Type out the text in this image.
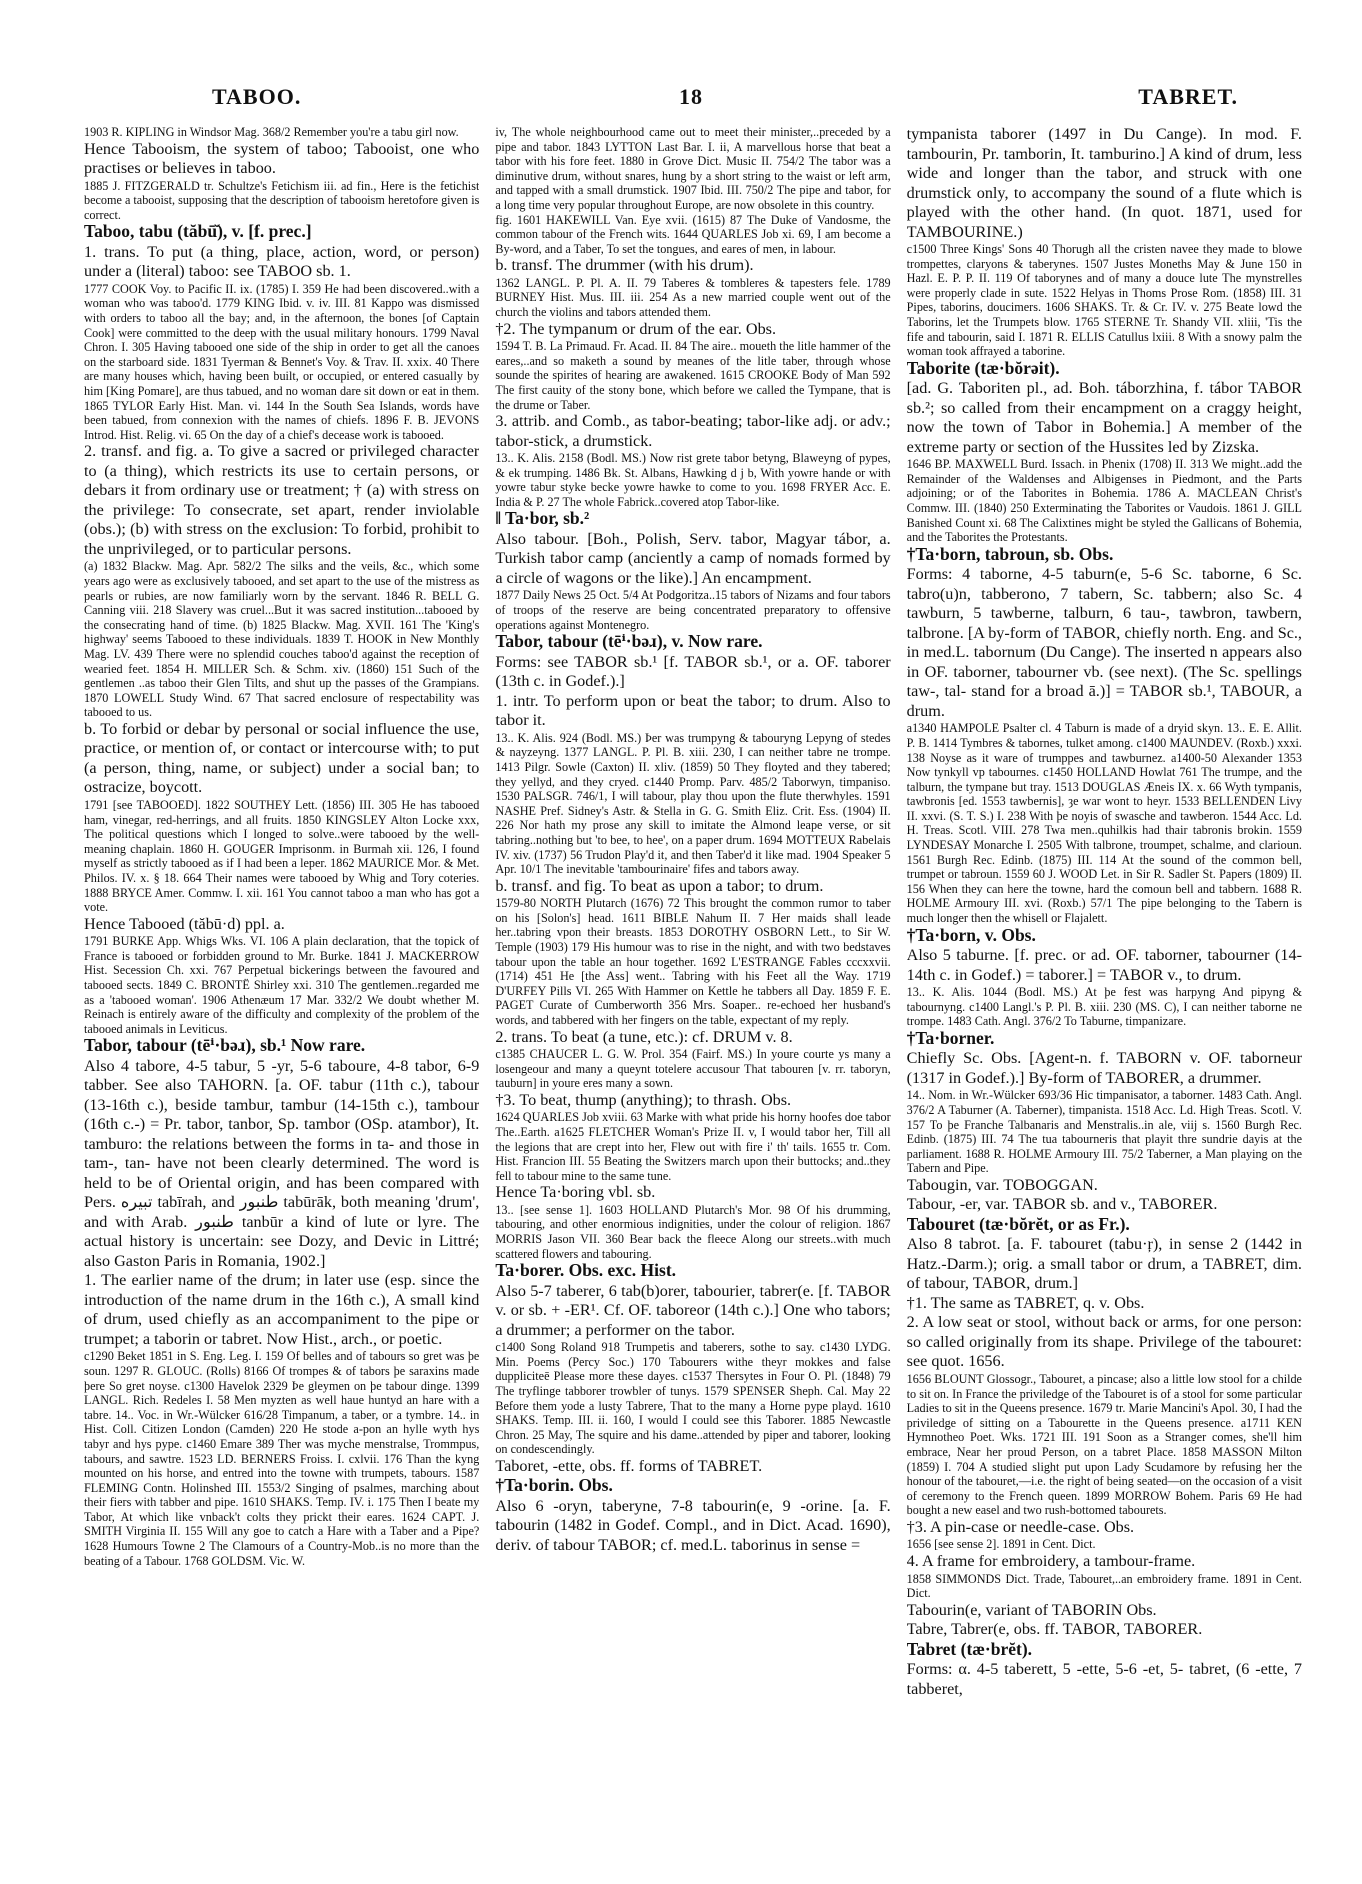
TABOO.	18	TABRET.

1903 R. KIPLING in Windsor Mag. 368/2 Remember you're a tabu girl now.

Hence Tabooism, the system of taboo; Tabooist, one who practises or believes in taboo.

1885 J. FITZGERALD tr. Schultze's Fetichism iii. ad fin., Here is the fetichist become a tabooist, supposing that the description of tabooism heretofore given is correct.

Taboo, tabu (tăbū̆), v. [f. prec.]

1. trans. To put (a thing, place, action, word, or person) under a (literal) taboo: see TABOO sb. 1.

1777 COOK Voy. to Pacific II. ix. (1785) I. 359 He had been discovered..with a woman who was taboo'd. 1779 KING Ibid. v. iv. III. 81 Kappo was dismissed with orders to taboo all the bay; and, in the afternoon, the bones [of Captain Cook] were committed to the deep with the usual military honours. 1799 Naval Chron. I. 305 Having tabooed one side of the ship in order to get all the canoes on the starboard side. 1831 Tyerman & Bennet's Voy. & Trav. II. xxix. 40 There are many houses which, having been built, or occupied, or entered casually by him [King Pomare], are thus tabued, and no woman dare sit down or eat in them. 1865 TYLOR Early Hist. Man. vi. 144 In the South Sea Islands, words have been tabued, from connexion with the names of chiefs. 1896 F. B. JEVONS Introd. Hist. Relig. vi. 65 On the day of a chief's decease work is tabooed.

2. transf. and fig. a. To give a sacred or privileged character to (a thing), which restricts its use to certain persons, or debars it from ordinary use or treatment; † (a) with stress on the privilege: To consecrate, set apart, render inviolable (obs.); (b) with stress on the exclusion: To forbid, prohibit to the unprivileged, or to particular persons.

(a) 1832 Blackw. Mag. Apr. 582/2 The silks and the veils, &c., which some years ago were as exclusively tabooed, and set apart to the use of the mistress as pearls or rubies, are now familiarly worn by the servant. 1846 R. BELL G. Canning viii. 218 Slavery was cruel...But it was sacred institution...tabooed by the consecrating hand of time. (b) 1825 Blackw. Mag. XVII. 161 The 'King's highway' seems Tabooed to these individuals. 1839 T. HOOK in New Monthly Mag. LV. 439 There were no splendid couches taboo'd against the reception of wearied feet. 1854 H. MILLER Sch. & Schm. xiv. (1860) 151 Such of the gentlemen ..as taboo their Glen Tilts, and shut up the passes of the Grampians. 1870 LOWELL Study Wind. 67 That sacred enclosure of respectability was tabooed to us.

b. To forbid or debar by personal or social influence the use, practice, or mention of, or contact or intercourse with; to put (a person, thing, name, or subject) under a social ban; to ostracize, boycott.

1791 [see TABOOED]. 1822 SOUTHEY Lett. (1856) III. 305 He has tabooed ham, vinegar, red-herrings, and all fruits. 1850 KINGSLEY Alton Locke xxx, The political questions which I longed to solve..were tabooed by the well-meaning chaplain. 1860 H. GOUGER Imprisonm. in Burmah xii. 126, I found myself as strictly tabooed as if I had been a leper. 1862 MAURICE Mor. & Met. Philos. IV. x. § 18. 664 Their names were tabooed by Whig and Tory coteries. 1888 BRYCE Amer. Commw. I. xii. 161 You cannot taboo a man who has got a vote.

Hence Tabooed (tăbū·d) ppl. a.

1791 BURKE App. Whigs Wks. VI. 106 A plain declaration, that the topick of France is tabooed or forbidden ground to Mr. Burke. 1841 J. MACKERROW Hist. Secession Ch. xxi. 767 Perpetual bickerings between the favoured and tabooed sects. 1849 C. BRONTË Shirley xxi. 310 The gentlemen..regarded me as a 'tabooed woman'. 1906 Athenæum 17 Mar. 332/2 We doubt whether M. Reinach is entirely aware of the difficulty and complexity of the problem of the tabooed animals in Leviticus.

Tabor, tabour (tēⁱ·bəɹ), sb.¹ Now rare.

Also 4 tabore, 4-5 tabur, 5 -yr, 5-6 taboure, 4-8 tabor, 6-9 tabber. See also TAHORN. [a. OF. tabur (11th c.), tabour (13-16th c.), beside tambur, tambur (14-15th c.), tambour (16th c.-) = Pr. tabor, tanbor, Sp. tambor (OSp. atambor), It. tamburo: the relations between the forms in ta- and those in tam-, tan- have not been clearly determined. The word is held to be of Oriental origin, and has been compared with Pers. تبیره tabīrah, and طنبور tabūrāk, both meaning 'drum', and with Arab. طنبور tanbūr a kind of lute or lyre. The actual history is uncertain: see Dozy, and Devic in Littré; also Gaston Paris in Romania, 1902.]

1. The earlier name of the drum; in later use (esp. since the introduction of the name drum in the 16th c.), A small kind of drum, used chiefly as an accompaniment to the pipe or trumpet; a taborin or tabret. Now Hist., arch., or poetic.

c1290 Beket 1851 in S. Eng. Leg. I. 159 Of belles and of tabours so gret was þe soun. 1297 R. GLOUC. (Rolls) 8166 Of trompes & of tabors þe saraxins made þere So gret noyse. c1300 Havelok 2329 Þe gleymen on þe tabour dinge. 1399 LANGL. Rich. Redeles I. 58 Men myzten as well haue huntyd an hare with a tabre. 14.. Voc. in Wr.-Wülcker 616/28 Timpanum, a taber, or a tymbre. 14.. in Hist. Coll. Citizen London (Camden) 220 He stode a-pon an hylle wyth hys tabyr and hys pype. c1460 Emare 389 Ther was myche menstralse, Trommpus, tabours, and sawtre. 1523 LD. BERNERS Froiss. I. cxlvii. 176 Than the kyng mounted on his horse, and entred into the towne with trumpets, tabours. 1587 FLEMING Contn. Holinshed III. 1553/2 Singing of psalmes, marching about their fiers with tabber and pipe. 1610 SHAKS. Temp. IV. i. 175 Then I beate my Tabor, At which like vnback't colts they prickt their eares. 1624 CAPT. J. SMITH Virginia II. 155 Will any goe to catch a Hare with a Taber and a Pipe? 1628 Humours Towne 2 The Clamours of a Country-Mob..is no more than the beating of a Tabour. 1768 GOLDSM. Vic. W.

iv, The whole neighbourhood came out to meet their minister,..preceded by a pipe and tabor. 1843 LYTTON Last Bar. I. ii, A marvellous horse that beat a tabor with his fore feet. 1880 in Grove Dict. Music II. 754/2 The tabor was a diminutive drum, without snares, hung by a short string to the waist or left arm, and tapped with a small drumstick. 1907 Ibid. III. 750/2 The pipe and tabor, for a long time very popular throughout Europe, are now obsolete in this country.

fig. 1601 HAKEWILL Van. Eye xvii. (1615) 87 The Duke of Vandosme, the common tabour of the French wits. 1644 QUARLES Job xi. 69, I am become a By-word, and a Taber, To set the tongues, and eares of men, in labour.

b. transf. The drummer (with his drum).

1362 LANGL. P. Pl. A. II. 79 Taberes & tombleres & tapesters fele. 1789 BURNEY Hist. Mus. III. iii. 254 As a new married couple went out of the church the violins and tabors attended them.

†2. The tympanum or drum of the ear. Obs.

1594 T. B. La Primaud. Fr. Acad. II. 84 The aire.. moueth the litle hammer of the eares,..and so maketh a sound by meanes of the litle taber, through whose sounde the spirites of hearing are awakened. 1615 CROOKE Body of Man 592 The first cauity of the stony bone, which before we called the Tympane, that is the drume or Taber.

3. attrib. and Comb., as tabor-beating; tabor-like adj. or adv.; tabor-stick, a drumstick.

13.. K. Alis. 2158 (Bodl. MS.) Now rist grete tabor betyng, Blaweyng of pypes, & ek trumping. 1486 Bk. St. Albans, Hawking d j b, With yowre hande or with yowre tabur styke becke yowre hawke to come to you. 1698 FRYER Acc. E. India & P. 27 The whole Fabrick..covered atop Tabor-like.

‖ Ta·bor, sb.²

Also tabour. [Boh., Polish, Serv. tabor, Magyar tábor, a. Turkish tabor camp (anciently a camp of nomads formed by a circle of wagons or the like).] An encampment.

1877 Daily News 25 Oct. 5/4 At Podgoritza..15 tabors of Nizams and four tabors of troops of the reserve are being concentrated preparatory to offensive operations against Montenegro.

Tabor, tabour (tēⁱ·bəɹ), v. Now rare.

Forms: see TABOR sb.¹ [f. TABOR sb.¹, or a. OF. taborer (13th c. in Godef.).]

1. intr. To perform upon or beat the tabor; to drum. Also to tabor it.

13.. K. Alis. 924 (Bodl. MS.) Þer was trumpyng & tabouryng Lepyng of stedes & nayzeyng. 1377 LANGL. P. Pl. B. xiii. 230, I can neither tabre ne trompe. 1413 Pilgr. Sowle (Caxton) II. xliv. (1859) 50 They floyted and they tabered; they yellyd, and they cryed. c1440 Promp. Parv. 485/2 Taborwyn, timpaniso. 1530 PALSGR. 746/1, I will tabour, play thou upon the flute therwhyles. 1591 NASHE Pref. Sidney's Astr. & Stella in G. G. Smith Eliz. Crit. Ess. (1904) II. 226 Nor hath my prose any skill to imitate the Almond leape verse, or sit tabring..nothing but 'to bee, to hee', on a paper drum. 1694 MOTTEUX Rabelais IV. xiv. (1737) 56 Trudon Play'd it, and then Taber'd it like mad. 1904 Speaker 5 Apr. 10/1 The inevitable 'tambourinaire' fifes and tabors away.

b. transf. and fig. To beat as upon a tabor; to drum.

1579-80 NORTH Plutarch (1676) 72 This brought the common rumor to taber on his [Solon's] head. 1611 BIBLE Nahum II. 7 Her maids shall leade her..tabring vpon their breasts. 1853 DOROTHY OSBORN Lett., to Sir W. Temple (1903) 179 His humour was to rise in the night, and with two bedstaves tabour upon the table an hour together. 1692 L'ESTRANGE Fables cccxxvii. (1714) 451 He [the Ass] went.. Tabring with his Feet all the Way. 1719 D'URFEY Pills VI. 265 With Hammer on Kettle he tabbers all Day. 1859 F. E. PAGET Curate of Cumberworth 356 Mrs. Soaper.. re-echoed her husband's words, and tabbered with her fingers on the table, expectant of my reply.

2. trans. To beat (a tune, etc.): cf. DRUM v. 8.

c1385 CHAUCER L. G. W. Prol. 354 (Fairf. MS.) In youre courte ys many a losengeour and many a queynt totelere accusour That tabouren [v. rr. taboryn, tauburn] in youre eres many a sown.

†3. To beat, thump (anything); to thrash. Obs.

1624 QUARLES Job xviii. 63 Marke with what pride his horny hoofes doe tabor The..Earth. a1625 FLETCHER Woman's Prize II. v, I would tabor her, Till all the legions that are crept into her, Flew out with fire i' th' tails. 1655 tr. Com. Hist. Francion III. 55 Beating the Switzers march upon their buttocks; and..they fell to tabour mine to the same tune.

Hence Ta·boring vbl. sb.

13.. [see sense 1]. 1603 HOLLAND Plutarch's Mor. 98 Of his drumming, tabouring, and other enormious indignities, under the colour of religion. 1867 MORRIS Jason VII. 360 Bear back the fleece Along our streets..with much scattered flowers and tabouring.

Ta·borer. Obs. exc. Hist.

Also 5-7 taberer, 6 tab(b)orer, tabourier, tabrer(e. [f. TABOR v. or sb. + -ER¹. Cf. OF. taboreor (14th c.).] One who tabors; a drummer; a performer on the tabor.

c1400 Song Roland 918 Trumpetis and taberers, sothe to say. c1430 LYDG. Min. Poems (Percy Soc.) 170 Tabourers withe theyr mokkes and false duppliciteē Please more these dayes. c1537 Thersytes in Four O. Pl. (1848) 79 The tryflinge tabborer trowbler of tunys. 1579 SPENSER Sheph. Cal. May 22 Before them yode a lusty Tabrere, That to the many a Horne pype playd. 1610 SHAKS. Temp. III. ii. 160, I would I could see this Taborer. 1885 Newcastle Chron. 25 May, The squire and his dame..attended by piper and taborer, looking on condescendingly.

Taboret, -ette, obs. ff. forms of TABRET.

†Ta·borin. Obs.

Also 6 -oryn, taberyne, 7-8 tabourin(e, 9 -orine. [a. F. tabourin (1482 in Godef. Compl., and in Dict. Acad. 1690), deriv. of tabour TABOR; cf. med.L. taborinus in sense =

tympanista taborer (1497 in Du Cange). In mod. F. tambourin, Pr. tamborin, It. tamburino.] A kind of drum, less wide and longer than the tabor, and struck with one drumstick only, to accompany the sound of a flute which is played with the other hand. (In quot. 1871, used for TAMBOURINE.)

c1500 Three Kings' Sons 40 Thorugh all the cristen navee they made to blowe trompettes, claryons & taberynes. 1507 Justes Moneths May & June 150 in Hazl. E. P. P. II. 119 Of taborynes and of many a douce lute The mynstrelles were properly clade in sute. 1522 Helyas in Thoms Prose Rom. (1858) III. 31 Pipes, taborins, doucimers. 1606 SHAKS. Tr. & Cr. IV. v. 275 Beate lowd the Taborins, let the Trumpets blow. 1765 STERNE Tr. Shandy VII. xliii, 'Tis the fife and tabourin, said I. 1871 R. ELLIS Catullus lxiii. 8 With a snowy palm the woman took affrayed a taborine.

Taborite (tæ·bŏrəit).

[ad. G. Taboriten pl., ad. Boh. táborzhina, f. tábor TABOR sb.²; so called from their encampment on a craggy height, now the town of Tabor in Bohemia.] A member of the extreme party or section of the Hussites led by Zizska.

1646 BP. MAXWELL Burd. Issach. in Phenix (1708) II. 313 We might..add the Remainder of the Waldenses and Albigenses in Piedmont, and the Parts adjoining; or of the Taborites in Bohemia. 1786 A. MACLEAN Christ's Commw. III. (1840) 250 Exterminating the Taborites or Vaudois. 1861 J. GILL Banished Count xi. 68 The Calixtines might be styled the Gallicans of Bohemia, and the Taborites the Protestants.

†Ta·born, tabroun, sb. Obs.

Forms: 4 taborne, 4-5 taburn(e, 5-6 Sc. taborne, 6 Sc. tabro(u)n, tabberono, 7 tabern, Sc. tabbern; also Sc. 4 tawburn, 5 tawberne, talburn, 6 tau-, tawbron, tawbern, talbrone. [A by-form of TABOR, chiefly north. Eng. and Sc., in med.L. tabornum (Du Cange). The inserted n appears also in OF. taborner, tabourner vb. (see next). (The Sc. spellings taw-, tal- stand for a broad ā.)] = TABOR sb.¹, TABOUR, a drum.

a1340 HAMPOLE Psalter cl. 4 Taburn is made of a dryid skyn. 13.. E. E. Allit. P. B. 1414 Tymbres & tabornes, tulket among. c1400 MAUNDEV. (Roxb.) xxxi. 138 Noyse as it ware of trumppes and tawburnez. a1400-50 Alexander 1353 Now tynkyll vp tabournes. c1450 HOLLAND Howlat 761 The trumpe, and the talburn, the tympane but tray. 1513 DOUGLAS Æneis IX. x. 66 Wyth tympanis, tawbronis [ed. 1553 tawbernis], ȝe war wont to heyr. 1533 BELLENDEN Livy II. xxvi. (S. T. S.) I. 238 With þe noyis of swasche and tawberon. 1544 Acc. Ld. H. Treas. Scotl. VIII. 278 Twa men..quhilkis had thair tabronis brokin. 1559 LYNDESAY Monarche I. 2505 With talbrone, troumpet, schalme, and clarioun. 1561 Burgh Rec. Edinb. (1875) III. 114 At the sound of the common bell, trumpet or tabroun. 1559 60 J. WOOD Let. in Sir R. Sadler St. Papers (1809) II. 156 When they can here the towne, hard the comoun bell and tabbern. 1688 R. HOLME Armoury III. xvi. (Roxb.) 57/1 The pipe belonging to the Tabern is much longer then the whisell or Flajalett.

†Ta·born, v. Obs.

Also 5 taburne. [f. prec. or ad. OF. taborner, tabourner (14-14th c. in Godef.) = taborer.] = TABOR v., to drum.

13.. K. Alis. 1044 (Bodl. MS.) At þe fest was harpyng And pipyng & tabournyng. c1400 Langl.'s P. Pl. B. xiii. 230 (MS. C), I can neither taborne ne trompe. 1483 Cath. Angl. 376/2 To Taburne, timpanizare.

†Ta·borner.

Chiefly Sc. Obs. [Agent-n. f. TABORN v. OF. taborneur (1317 in Godef.).] By-form of TABORER, a drummer.

14.. Nom. in Wr.-Wülcker 693/36 Hic timpanisator, a taborner. 1483 Cath. Angl. 376/2 A Taburner (A. Taberner), timpanista. 1518 Acc. Ld. High Treas. Scotl. V. 157 To þe Franche Talbanaris and Menstralis..in ale, viij s. 1560 Burgh Rec. Edinb. (1875) III. 74 The tua tabourneris that playit thre sundrie dayis at the parliament. 1688 R. HOLME Armoury III. 75/2 Taberner, a Man playing on the Tabern and Pipe.

Tabougin, var. TOBOGGAN.

Tabour, -er, var. TABOR sb. and v., TABORER.

Tabouret (tæ·bŏrĕt, or as Fr.).

Also 8 tabrot. [a. F. tabouret (tabu·ŗ), in sense 2 (1442 in Hatz.-Darm.); orig. a small tabor or drum, a TABRET, dim. of tabour, TABOR, drum.]

†1. The same as TABRET, q. v. Obs.

2. A low seat or stool, without back or arms, for one person: so called originally from its shape. Privilege of the tabouret: see quot. 1656.

1656 BLOUNT Glossogr., Tabouret, a pincase; also a little low stool for a childe to sit on. In France the priviledge of the Tabouret is of a stool for some particular Ladies to sit in the Queens presence. 1679 tr. Marie Mancini's Apol. 30, I had the priviledge of sitting on a Tabourette in the Queens presence. a1711 KEN Hymnotheo Poet. Wks. 1721 III. 191 Soon as a Stranger comes, she'll him embrace, Near her proud Person, on a tabret Place. 1858 MASSON Milton (1859) I. 704 A studied slight put upon Lady Scudamore by refusing her the honour of the tabouret,—i.e. the right of being seated—on the occasion of a visit of ceremony to the French queen. 1899 MORROW Bohem. Paris 69 He had bought a new easel and two rush-bottomed tabourets.

†3. A pin-case or needle-case. Obs.

1656 [see sense 2]. 1891 in Cent. Dict.

4. A frame for embroidery, a tambour-frame.

1858 SIMMONDS Dict. Trade, Tabouret,..an embroidery frame. 1891 in Cent. Dict.

Tabourin(e, variant of TABORIN Obs.

Tabre, Tabrer(e, obs. ff. TABOR, TABORER.

Tabret (tæ·brĕt).

Forms: α. 4-5 taberett, 5 -ette, 5-6 -et, 5- tabret, (6 -ette, 7 tabberet,
